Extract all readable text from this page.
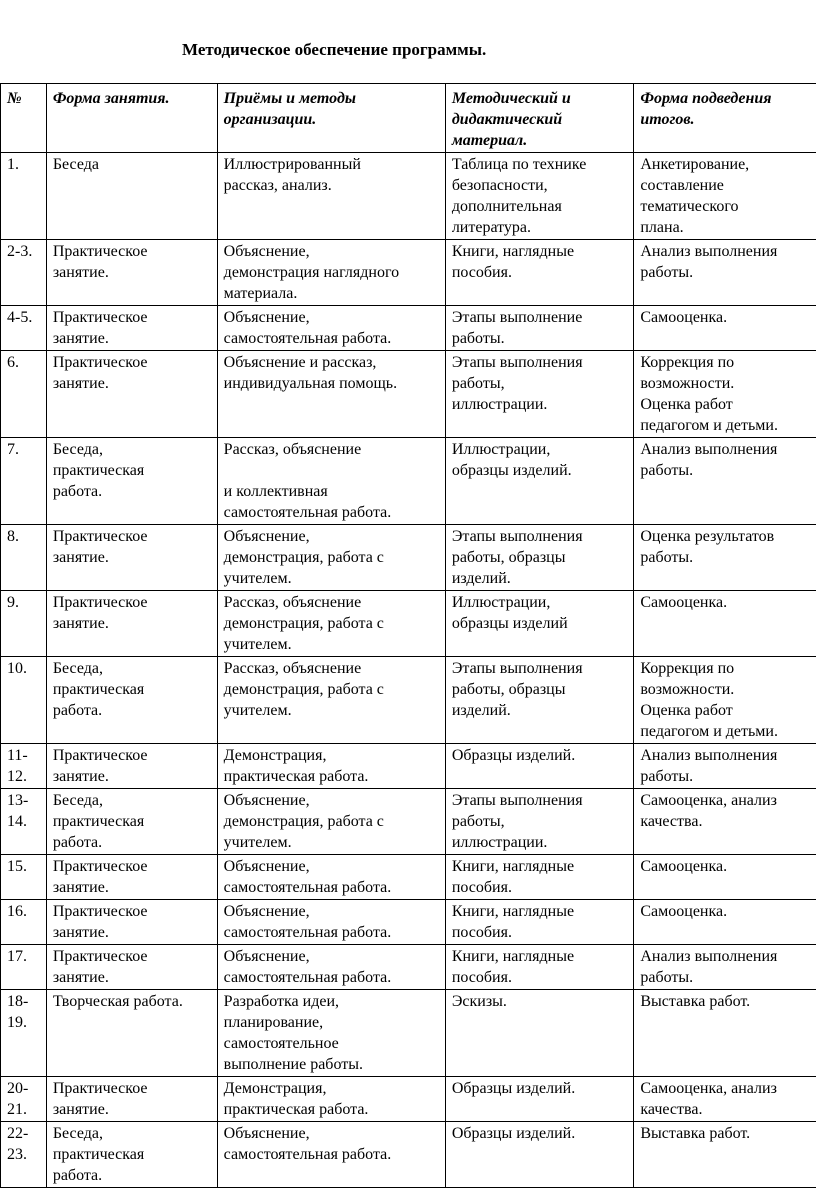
Методическое обеспечение программы.
№	Форма занятия.	Приёмы и методы
организации.	Методический и
дидактический
материал.	Форма подведения
итогов.

1.	Беседа	Иллюстрированный
рассказ, анализ.	Таблица по технике
безопасности,
дополнительная
литература.	Анкетирование,
составление
тематического
плана.

2-3.	Практическое
занятие.	Объяснение,
демонстрация наглядного
материала.	Книги, наглядные
пособия.	Анализ выполнения
работы.

4-5.	Практическое
занятие.	Объяснение,
самостоятельная работа.	Этапы выполнение
работы.	Самооценка.

6.	Практическое
занятие.	Объяснение и рассказ,
индивидуальная помощь.	Этапы выполнения
работы,
иллюстрации.	Коррекция по
возможности.
Оценка работ
педагогом и детьми.

7.	Беседа,
практическая
работа.	Рассказ, объяснение
и коллективная
самостоятельная работа.	Иллюстрации,
образцы изделий.	Анализ выполнения
работы.

8.	Практическое
занятие.	Объяснение,
демонстрация, работа с
учителем.	Этапы выполнения
работы, образцы
изделий.	Оценка результатов
работы.

9.	Практическое
занятие.	Рассказ, объяснение
демонстрация, работа с
учителем.	Иллюстрации,
образцы изделий	Самооценка.

10.	Беседа,
практическая
работа.	Рассказ, объяснение
демонстрация, работа с
учителем.	Этапы выполнения
работы, образцы
изделий.	Коррекция по
возможности.
Оценка работ
педагогом и детьми.

11-
12.	Практическое
занятие.	Демонстрация,
практическая работа.	Образцы изделий.	Анализ выполнения
работы.

13-
14.	Беседа,
практическая
работа.	Объяснение,
демонстрация, работа с
учителем.	Этапы выполнения
работы,
иллюстрации.	Самооценка, анализ
качества.

15.	Практическое
занятие.	Объяснение,
самостоятельная работа.	Книги, наглядные
пособия.	Самооценка.

16.	Практическое
занятие.	Объяснение,
самостоятельная работа.	Книги, наглядные
пособия.	Самооценка.

17.	Практическое
занятие.	Объяснение,
самостоятельная работа.	Книги, наглядные
пособия.	Анализ выполнения
работы.

18-
19.	Творческая работа.	Разработка идеи,
планирование,
самостоятельное
выполнение работы.	Эскизы.	Выставка работ.

20-
21.	Практическое
занятие.	Демонстрация,
практическая работа.	Образцы изделий.	Самооценка, анализ
качества.

22-
23.	Беседа,
практическая
работа.	Объяснение,
самостоятельная работа.	Образцы изделий.	Выставка работ.
